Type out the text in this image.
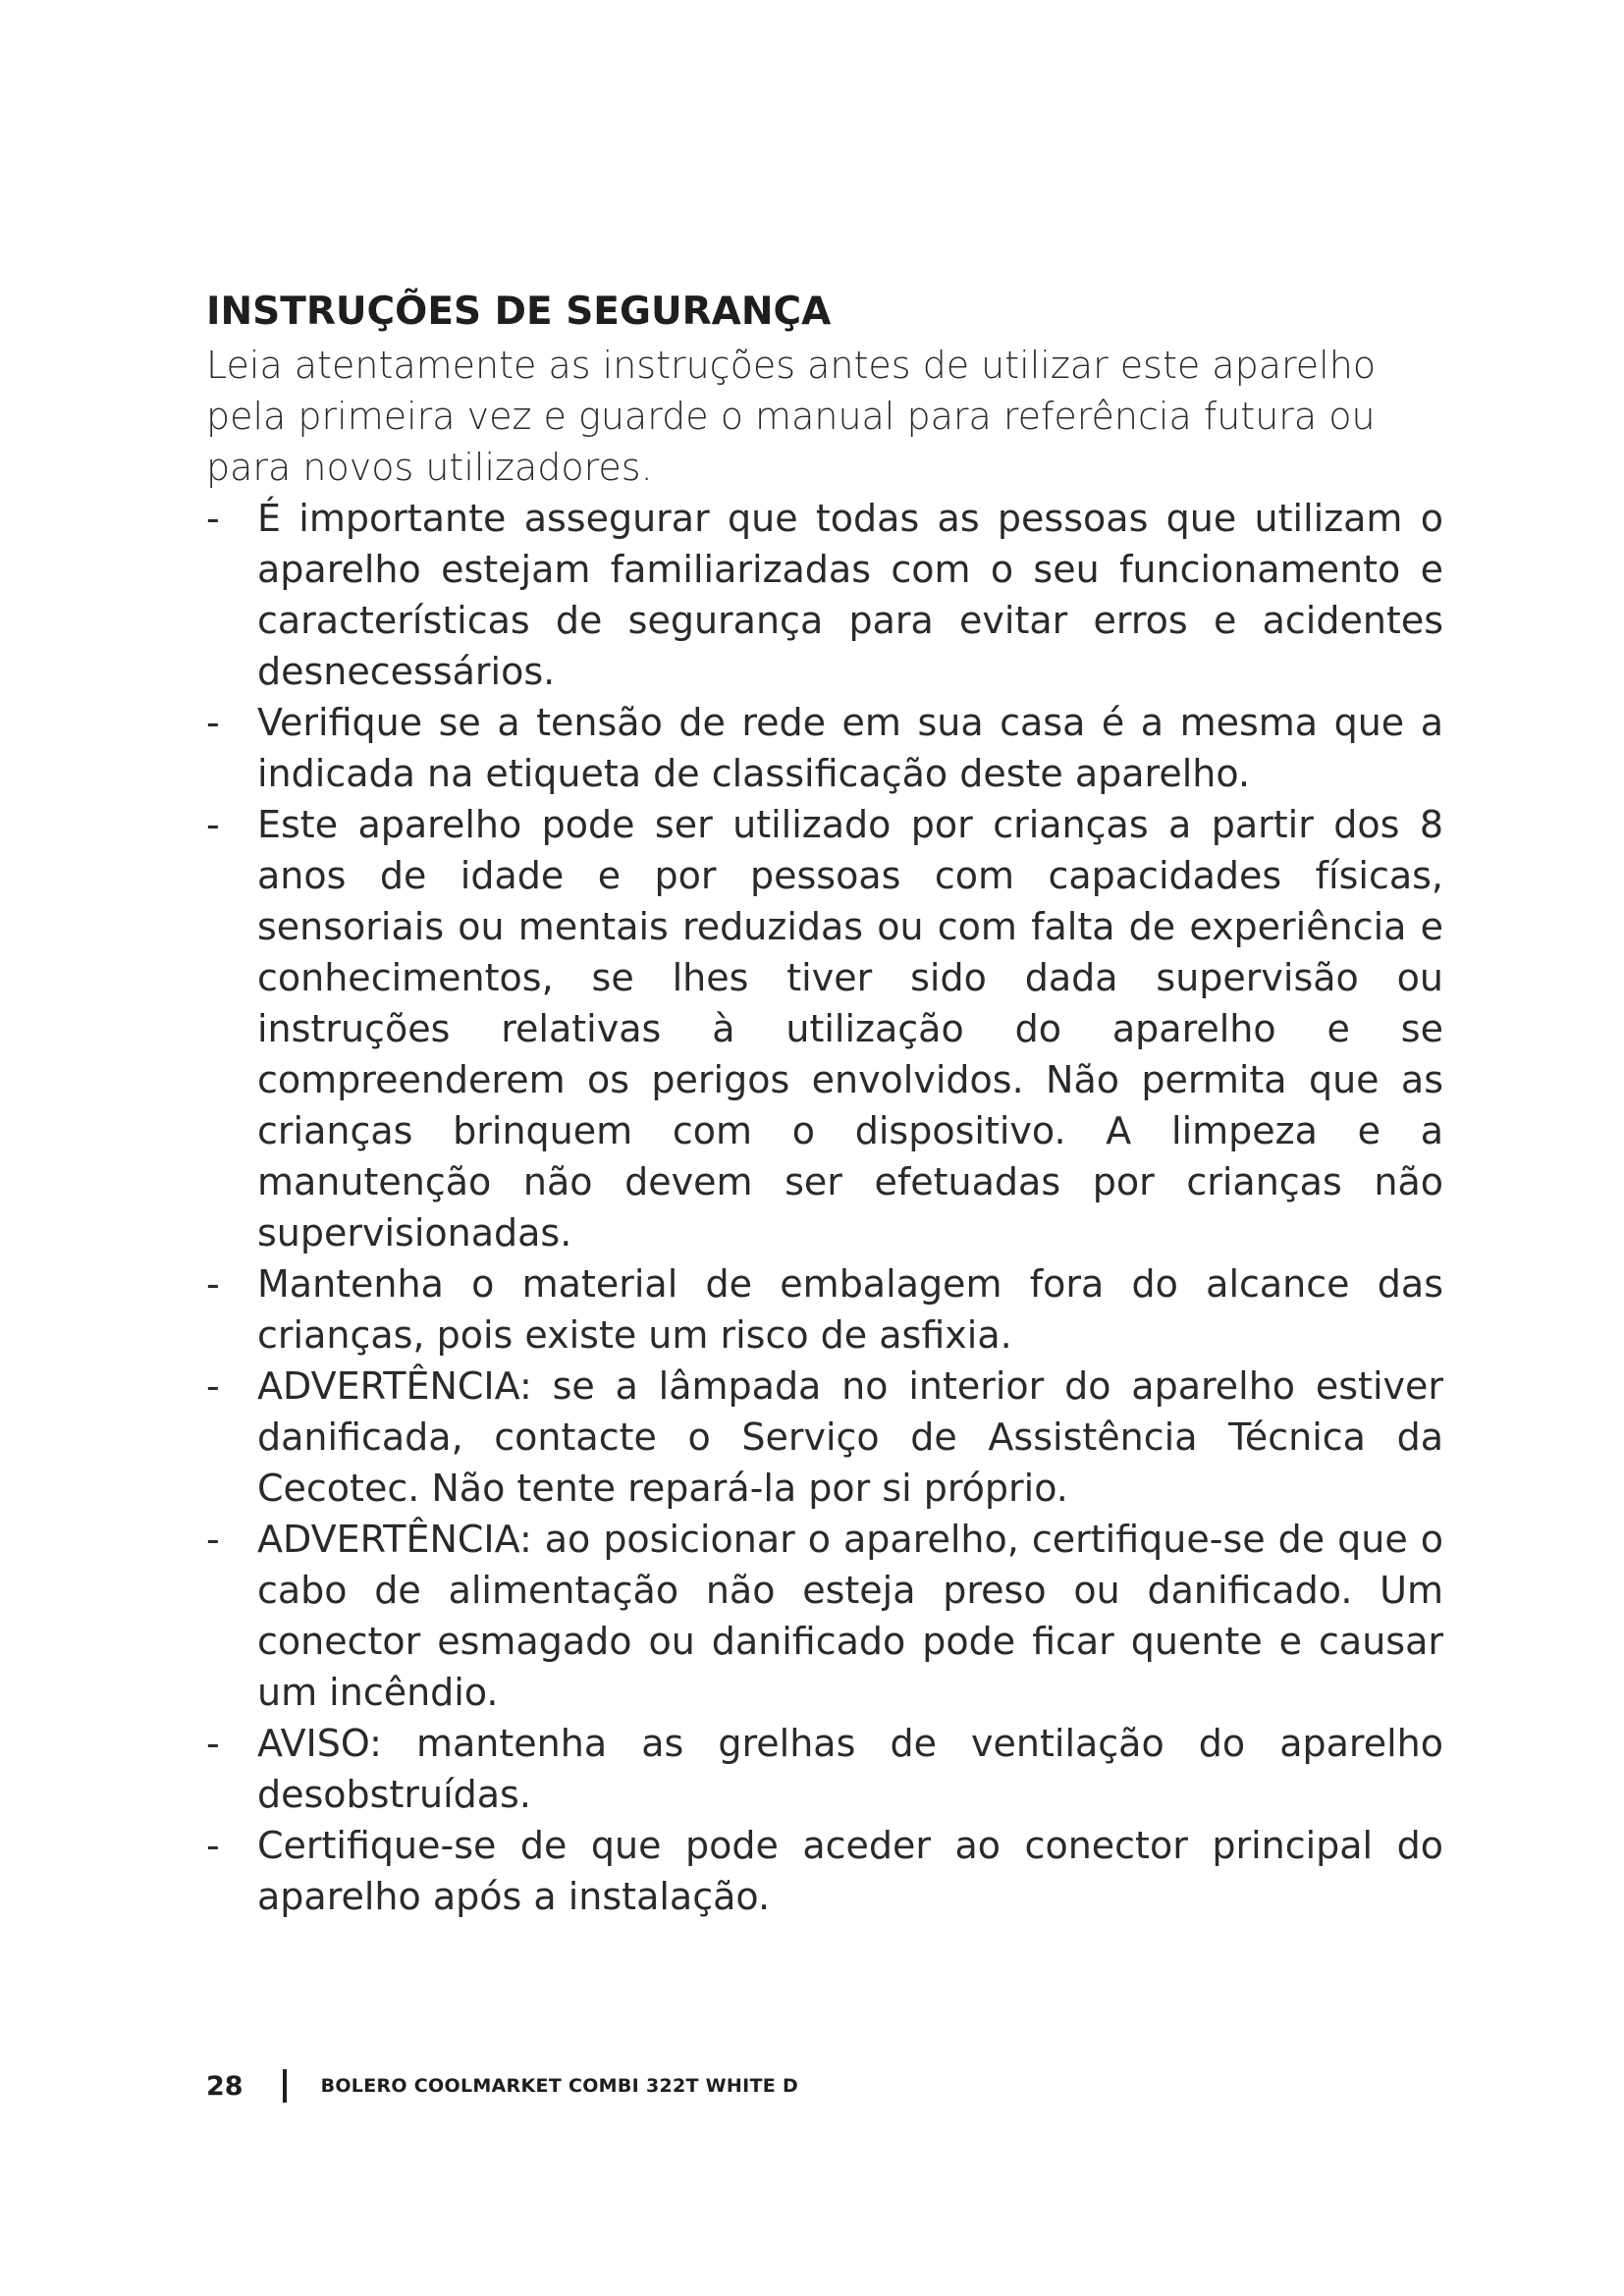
INSTRUÇÕES DE SEGURANÇA

Leia atentamente as instruções antes de utilizar este aparelho pela primeira vez e guarde o manual para referência futura ou para novos utilizadores.

- É importante assegurar que todas as pessoas que utilizam o aparelho estejam familiarizadas com o seu funcionamento e características de segurança para evitar erros e acidentes desnecessários.
- Verifique se a tensão de rede em sua casa é a mesma que a indicada na etiqueta de classificação deste aparelho.
- Este aparelho pode ser utilizado por crianças a partir dos 8 anos de idade e por pessoas com capacidades físicas, sensoriais ou mentais reduzidas ou com falta de experiência e conhecimentos, se lhes tiver sido dada supervisão ou instruções relativas à utilização do aparelho e se compreenderem os perigos envolvidos. Não permita que as crianças brinquem com o dispositivo. A limpeza e a manutenção não devem ser efetuadas por crianças não supervisionadas.
- Mantenha o material de embalagem fora do alcance das crianças, pois existe um risco de asfixia.
- ADVERTÊNCIA: se a lâmpada no interior do aparelho estiver danificada, contacte o Serviço de Assistência Técnica da Cecotec. Não tente repará-la por si próprio.
- ADVERTÊNCIA: ao posicionar o aparelho, certifique-se de que o cabo de alimentação não esteja preso ou danificado. Um conector esmagado ou danificado pode ficar quente e causar um incêndio.
- AVISO: mantenha as grelhas de ventilação do aparelho desobstruídas.
- Certifique-se de que pode aceder ao conector principal do aparelho após a instalação.
28	BOLERO COOLMARKET COMBI 322T WHITE D
